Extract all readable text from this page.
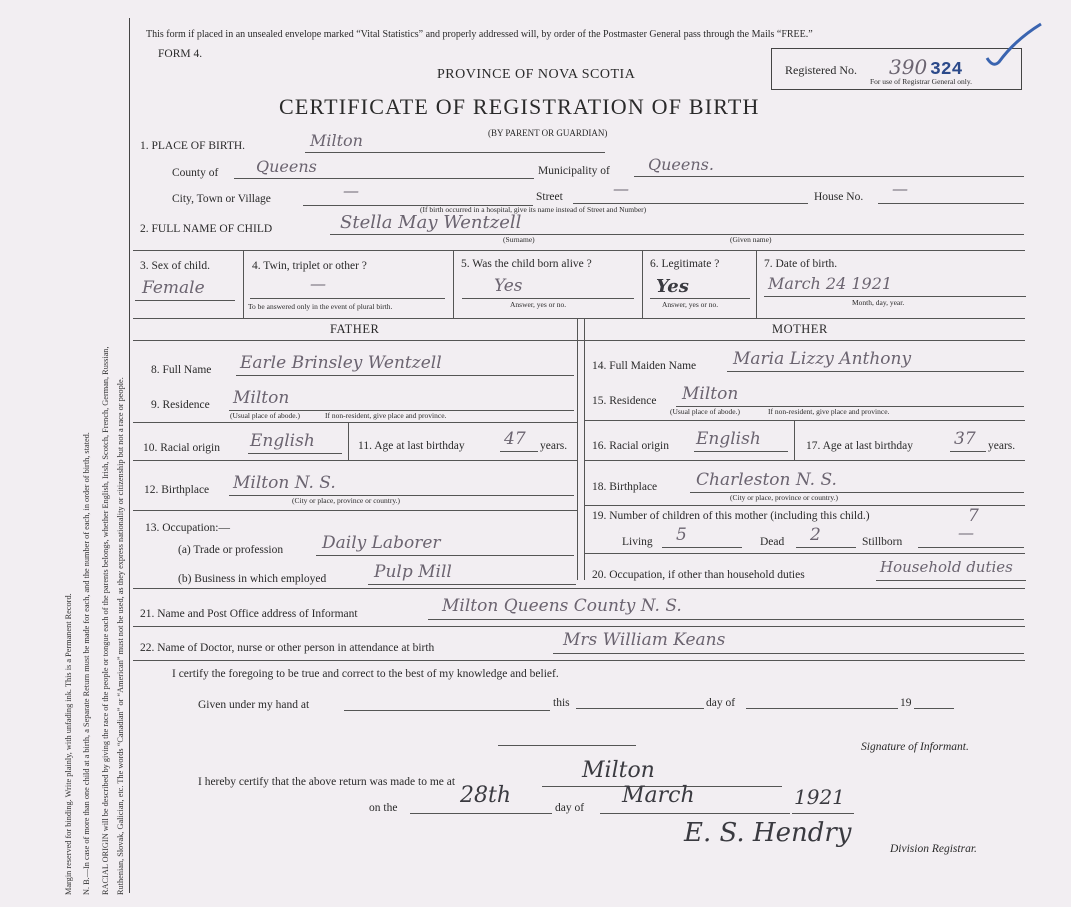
Margin reserved for binding. Write plainly, with unfading ink. This is a Permanent Record. N. B.—In case of more than one child at a birth, a Separate Return must be made for each, and the number of each, in order of birth, stated. RACIAL ORIGIN will be described by giving the race of the people or tongue each of the parents belongs, whether English, Irish, Scotch, French, German, Russian, Ruthenian, Slovak, Galician, etc. The words “Canadian” or “American” must not be used, as they express nationality or citizenship but not a race or people.
This form if placed in an unsealed envelope marked “Vital Statistics” and properly addressed will, by order of the Postmaster General pass through the Mails “FREE.”
FORM 4.
PROVINCE OF NOVA SCOTIA
CERTIFICATE OF REGISTRATION OF BIRTH
(BY PARENT OR GUARDIAN)
Registered No. 390 324
For use of Registrar General only.
1. PLACE OF BIRTH.	Milton
County of Queens	Municipality of Queens.
City, Town or Village	—	Street	—	House No. —
(If birth occurred in a hospital, give its name instead of Street and Number)
2. FULL NAME OF CHILD	Stella May Wentzell
(Surname)	(Given name)
3. Sex of child.
Female
4. Twin, triplet or other ?
—
To be answered only in the event of plural birth.
5. Was the child born alive ?
Yes
Answer, yes or no.
6. Legitimate ?
Yes
Answer, yes or no.
7. Date of birth.
March 24 1921
Month, day, year.
FATHER	MOTHER
8. Full Name Earle Brinsley Wentzell
9. Residence Milton
(Usual place of abode.)	If non-resident, give place and province.
10. Racial origin English	11. Age at last birthday 47 years.
12. Birthplace Milton N. S.
(City or place, province or country.)
13. Occupation:—
(a) Trade or profession Daily Laborer
(b) Business in which employed	Pulp Mill
14. Full Maiden Name Maria Lizzy Anthony
15. Residence Milton
(Usual place of abode.)	If non-resident, give place and province.
16. Racial origin English	17. Age at last birthday 37 years.
18. Birthplace Charleston N. S.
(City or place, province or country.)
19. Number of children of this mother (including this child.)	7
Living 5	Dead 2	Stillborn	—
20. Occupation, if other than household duties	Household duties
21. Name and Post Office address of Informant	Milton Queens County N. S.
22. Name of Doctor, nurse or other person in attendance at birth	Mrs William Keans
I certify the foregoing to be true and correct to the best of my knowledge and belief.
Given under my hand at	this	day of	19
Signature of Informant.
I hereby certify that the above return was made to me at	Milton
on the	28th	day of March	1921
E. S. Hendry
Division Registrar.
